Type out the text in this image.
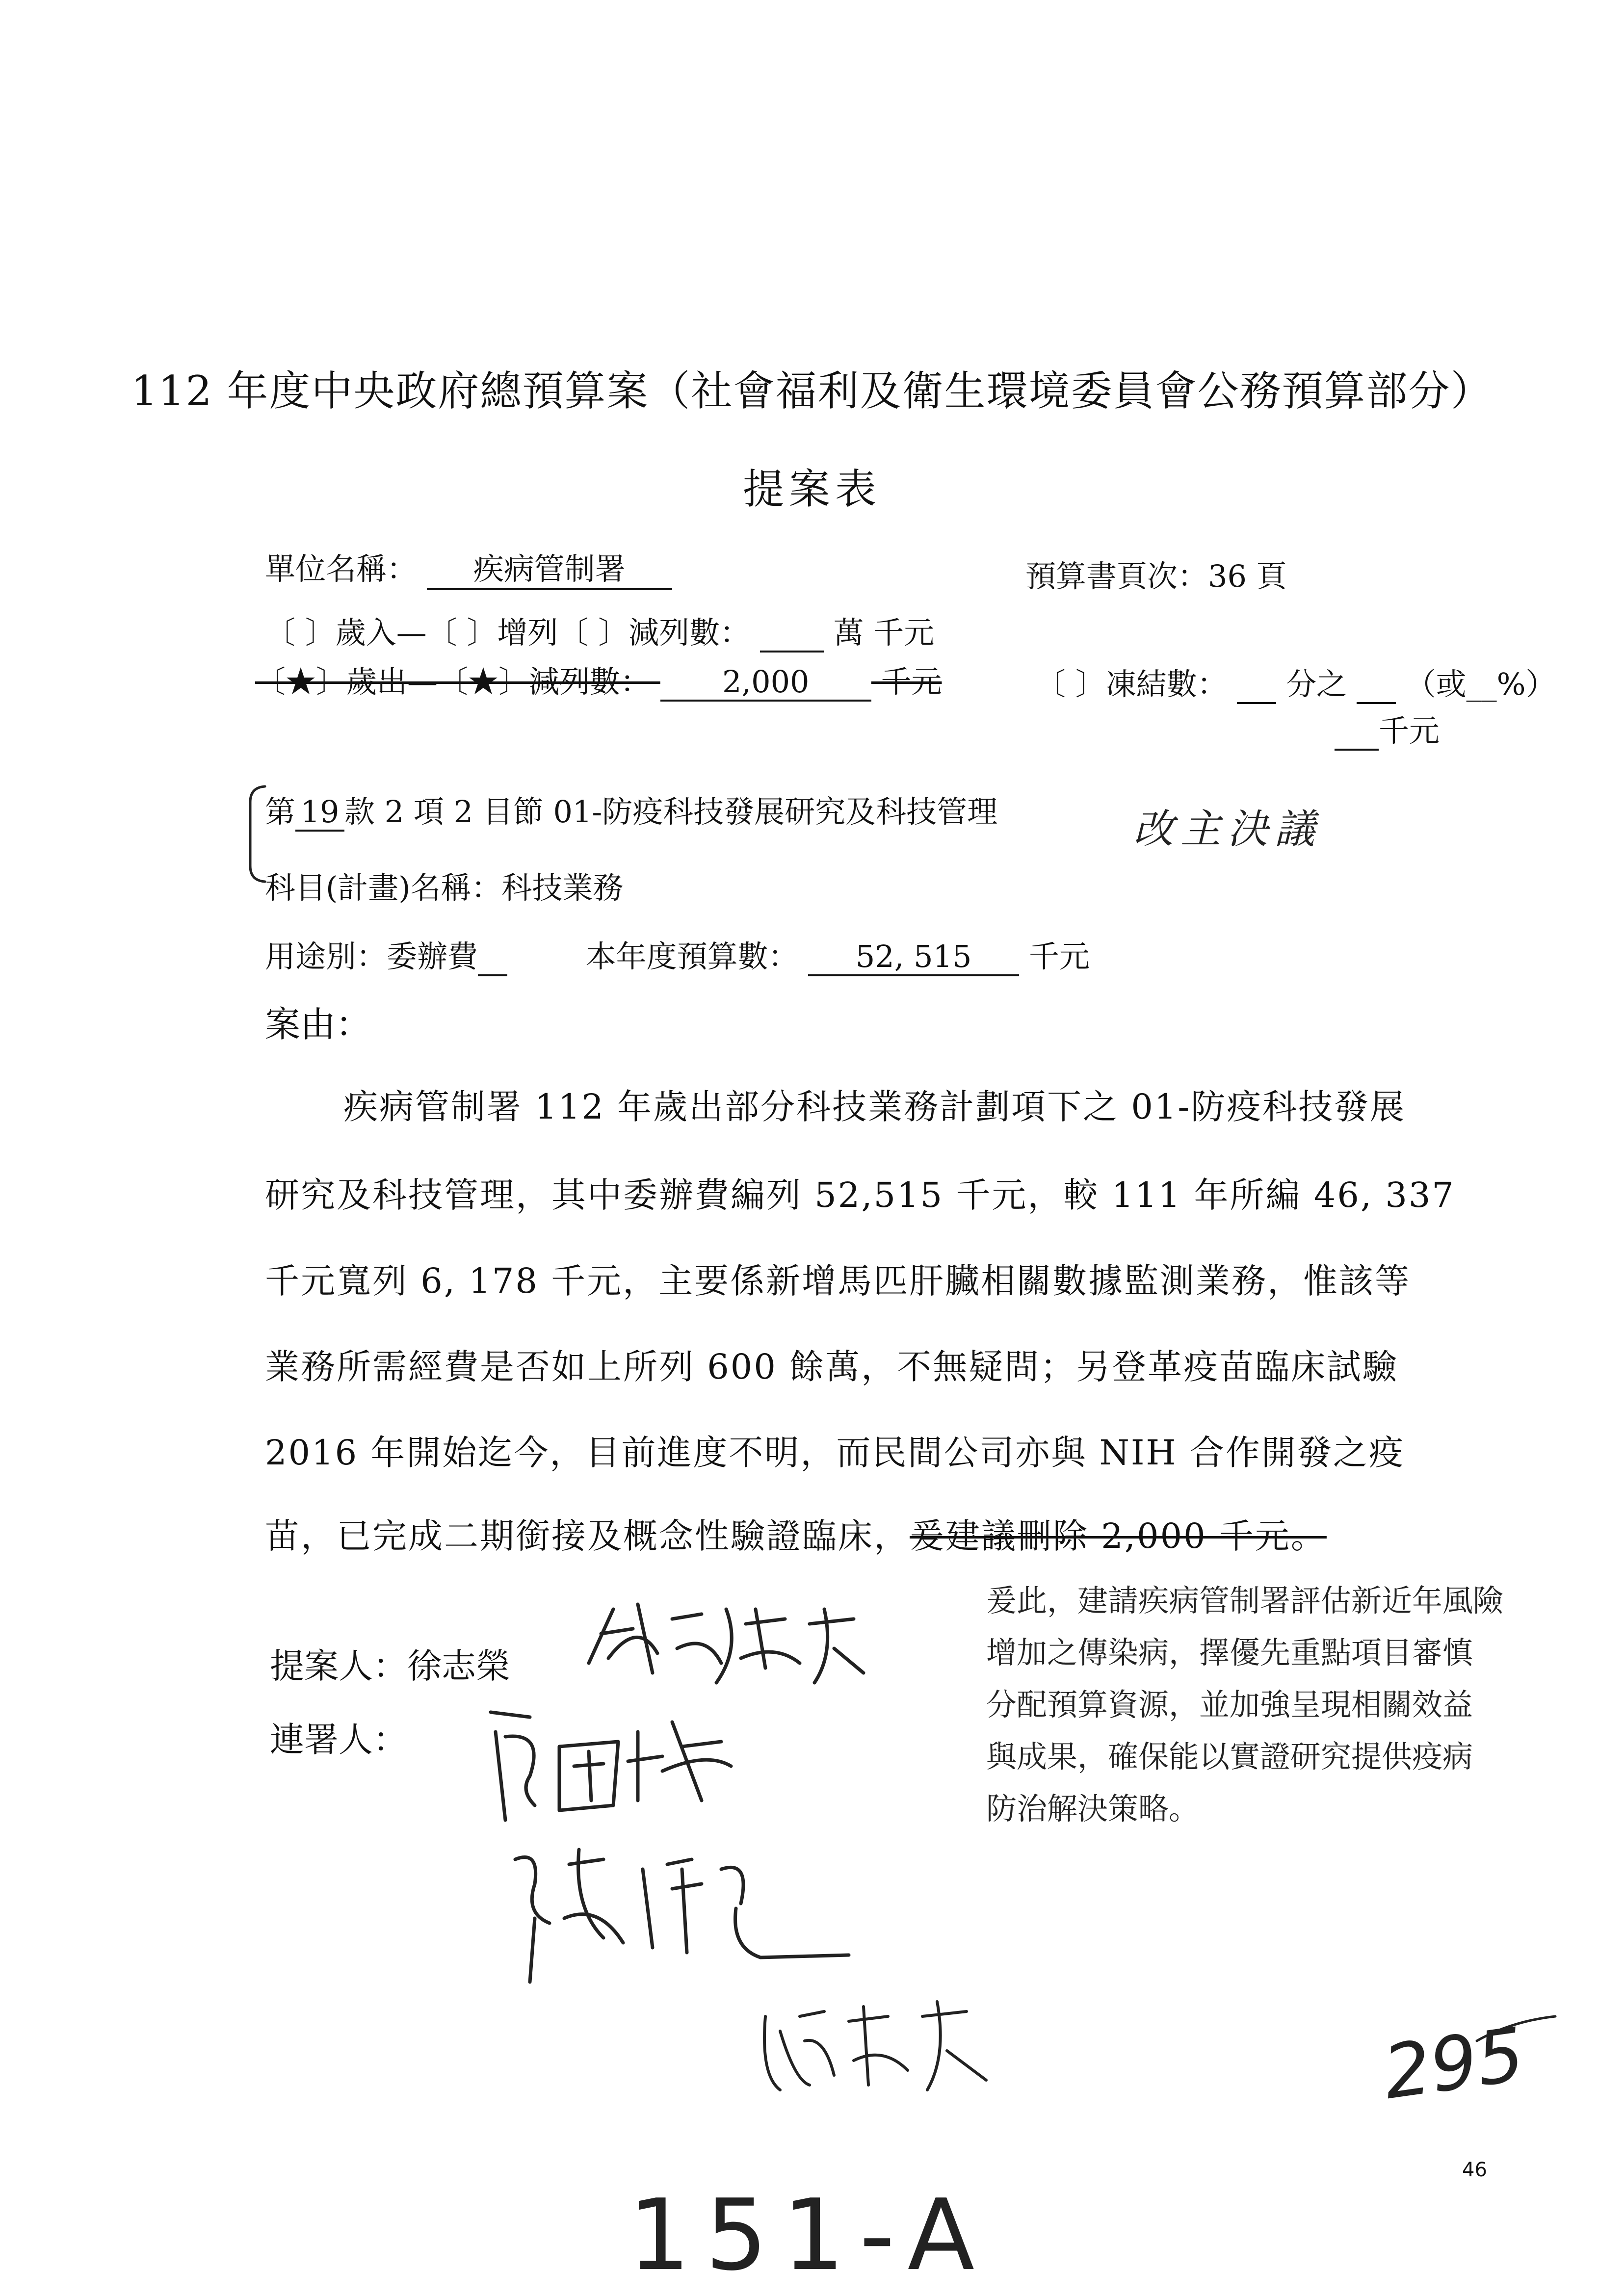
112 年度中央政府總預算案（社會福利及衛生環境委員會公務預算部分）
提案表
單位名稱： 疾病管制署	預算書頁次：36 頁
〔 〕歲入—〔 〕增列〔 〕減列數：	萬 千元
〔★〕歲出—〔★〕減列數： 2,000 千元	〔 〕凍結數： 分之 （或__%）
千元
第 19 款 2 項 2 目節 01-防疫科技發展研究及科技管理	改主決議
科目(計畫)名稱：科技業務
用途別：委辦費	本年度預算數： 52, 515 千元
案由：
疾病管制署 112 年歲出部分科技業務計劃項下之 01-防疫科技發展
研究及科技管理，其中委辦費編列 52,515 千元，較 111 年所編 46, 337
千元寬列 6, 178 千元，主要係新增馬匹肝臟相關數據監測業務，惟該等
業務所需經費是否如上所列 600 餘萬，不無疑問；另登革疫苗臨床試驗
2016 年開始迄今，目前進度不明，而民間公司亦與 NIH 合作開發之疫
苗，已完成二期銜接及概念性驗證臨床，爰建議刪除 2,000 千元。
爰此，建請疾病管制署評估新近年風險
增加之傳染病，擇優先重點項目審慎
分配預算資源，並加強呈現相關效益
與成果，確保能以實證研究提供疫病
防治解決策略。
提案人：徐志榮
連署人：
295
46
151-A
